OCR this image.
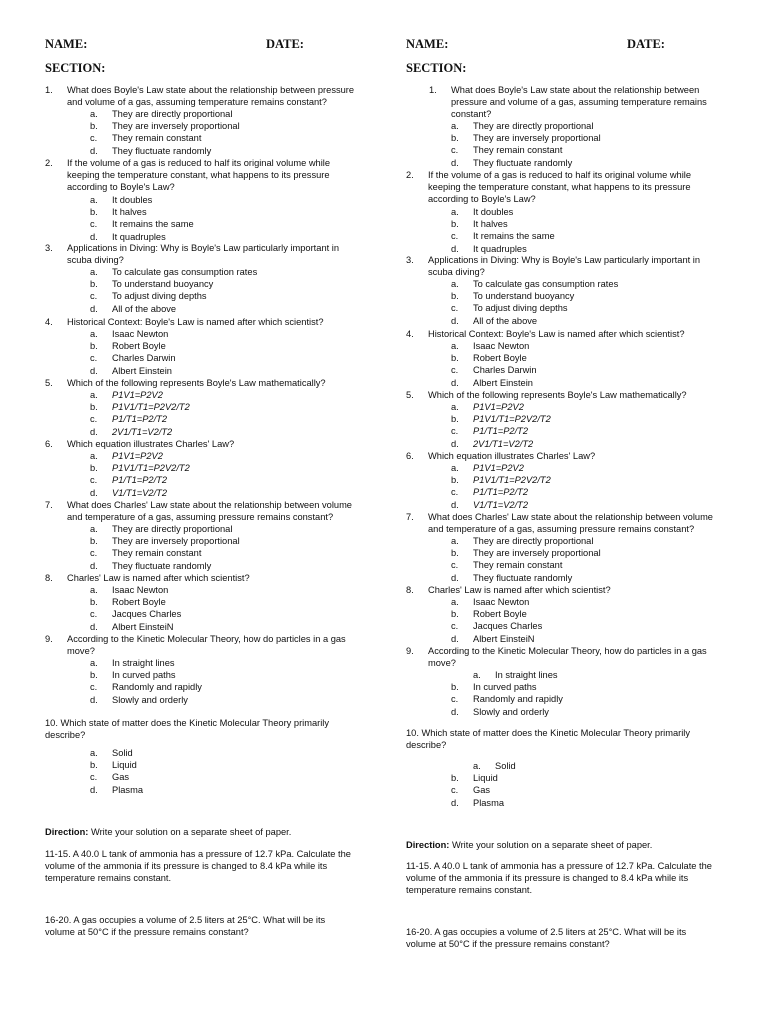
NAME:	DATE:
SECTION:
1. What does Boyle's Law state about the relationship between pressure and volume of a gas, assuming temperature remains constant?
a. They are directly proportional
b. They are inversely proportional
c. They remain constant
d. They fluctuate randomly
2. If the volume of a gas is reduced to half its original volume while keeping the temperature constant, what happens to its pressure according to Boyle's Law?
a. It doubles
b. It halves
c. It remains the same
d. It quadruples
3. Applications in Diving: Why is Boyle's Law particularly important in scuba diving?
a. To calculate gas consumption rates
b. To understand buoyancy
c. To adjust diving depths
d. All of the above
4. Historical Context: Boyle's Law is named after which scientist?
a. Isaac Newton
b. Robert Boyle
c. Charles Darwin
d. Albert Einstein
5. Which of the following represents Boyle's Law mathematically?
a. P1V1=P2V2
b. P1V1/T1=P2V2/T2
c. P1/T1=P2/T2
d. 2V1/T1=V2/T2
6. Which equation illustrates Charles' Law?
a. P1V1=P2V2
b. P1V1/T1=P2V2/T2
c. P1/T1=P2/T2
d. V1/T1=V2/T2
7. What does Charles' Law state about the relationship between volume and temperature of a gas, assuming pressure remains constant?
a. They are directly proportional
b. They are inversely proportional
c. They remain constant
d. They fluctuate randomly
8. Charles' Law is named after which scientist?
a. Isaac Newton
b. Robert Boyle
c. Jacques Charles
d. Albert EinsteiN
9. According to the Kinetic Molecular Theory, how do particles in a gas move?
a. In straight lines
b. In curved paths
c. Randomly and rapidly
d. Slowly and orderly
10. Which state of matter does the Kinetic Molecular Theory primarily describe?
a. Solid
b. Liquid
c. Gas
d. Plasma
Direction: Write your solution on a separate sheet of paper.
11-15. A 40.0 L tank of ammonia has a pressure of 12.7 kPa. Calculate the volume of the ammonia if its pressure is changed to 8.4 kPa while its temperature remains constant.
16-20. A gas occupies a volume of 2.5 liters at 25°C. What will be its volume at 50°C if the pressure remains constant?
NAME:	DATE:
SECTION:
1. What does Boyle's Law state about the relationship between pressure and volume of a gas, assuming temperature remains constant?
a. They are directly proportional
b. They are inversely proportional
c. They remain constant
d. They fluctuate randomly
2. If the volume of a gas is reduced to half its original volume while keeping the temperature constant, what happens to its pressure according to Boyle's Law?
a. It doubles
b. It halves
c. It remains the same
d. It quadruples
3. Applications in Diving: Why is Boyle's Law particularly important in scuba diving?
a. To calculate gas consumption rates
b. To understand buoyancy
c. To adjust diving depths
d. All of the above
4. Historical Context: Boyle's Law is named after which scientist?
a. Isaac Newton
b. Robert Boyle
c. Charles Darwin
d. Albert Einstein
5. Which of the following represents Boyle's Law mathematically?
a. P1V1=P2V2
b. P1V1/T1=P2V2/T2
c. P1/T1=P2/T2
d. 2V1/T1=V2/T2
6. Which equation illustrates Charles' Law?
a. P1V1=P2V2
b. P1V1/T1=P2V2/T2
c. P1/T1=P2/T2
d. V1/T1=V2/T2
7. What does Charles' Law state about the relationship between volume and temperature of a gas, assuming pressure remains constant?
a. They are directly proportional
b. They are inversely proportional
c. They remain constant
d. They fluctuate randomly
8. Charles' Law is named after which scientist?
a. Isaac Newton
b. Robert Boyle
c. Jacques Charles
d. Albert EinsteiN
9. According to the Kinetic Molecular Theory, how do particles in a gas move?
a. In straight lines
b. In curved paths
c. Randomly and rapidly
d. Slowly and orderly
10. Which state of matter does the Kinetic Molecular Theory primarily describe?
a. Solid
b. Liquid
c. Gas
d. Plasma
Direction: Write your solution on a separate sheet of paper.
11-15. A 40.0 L tank of ammonia has a pressure of 12.7 kPa. Calculate the volume of the ammonia if its pressure is changed to 8.4 kPa while its temperature remains constant.
16-20. A gas occupies a volume of 2.5 liters at 25°C. What will be its volume at 50°C if the pressure remains constant?
